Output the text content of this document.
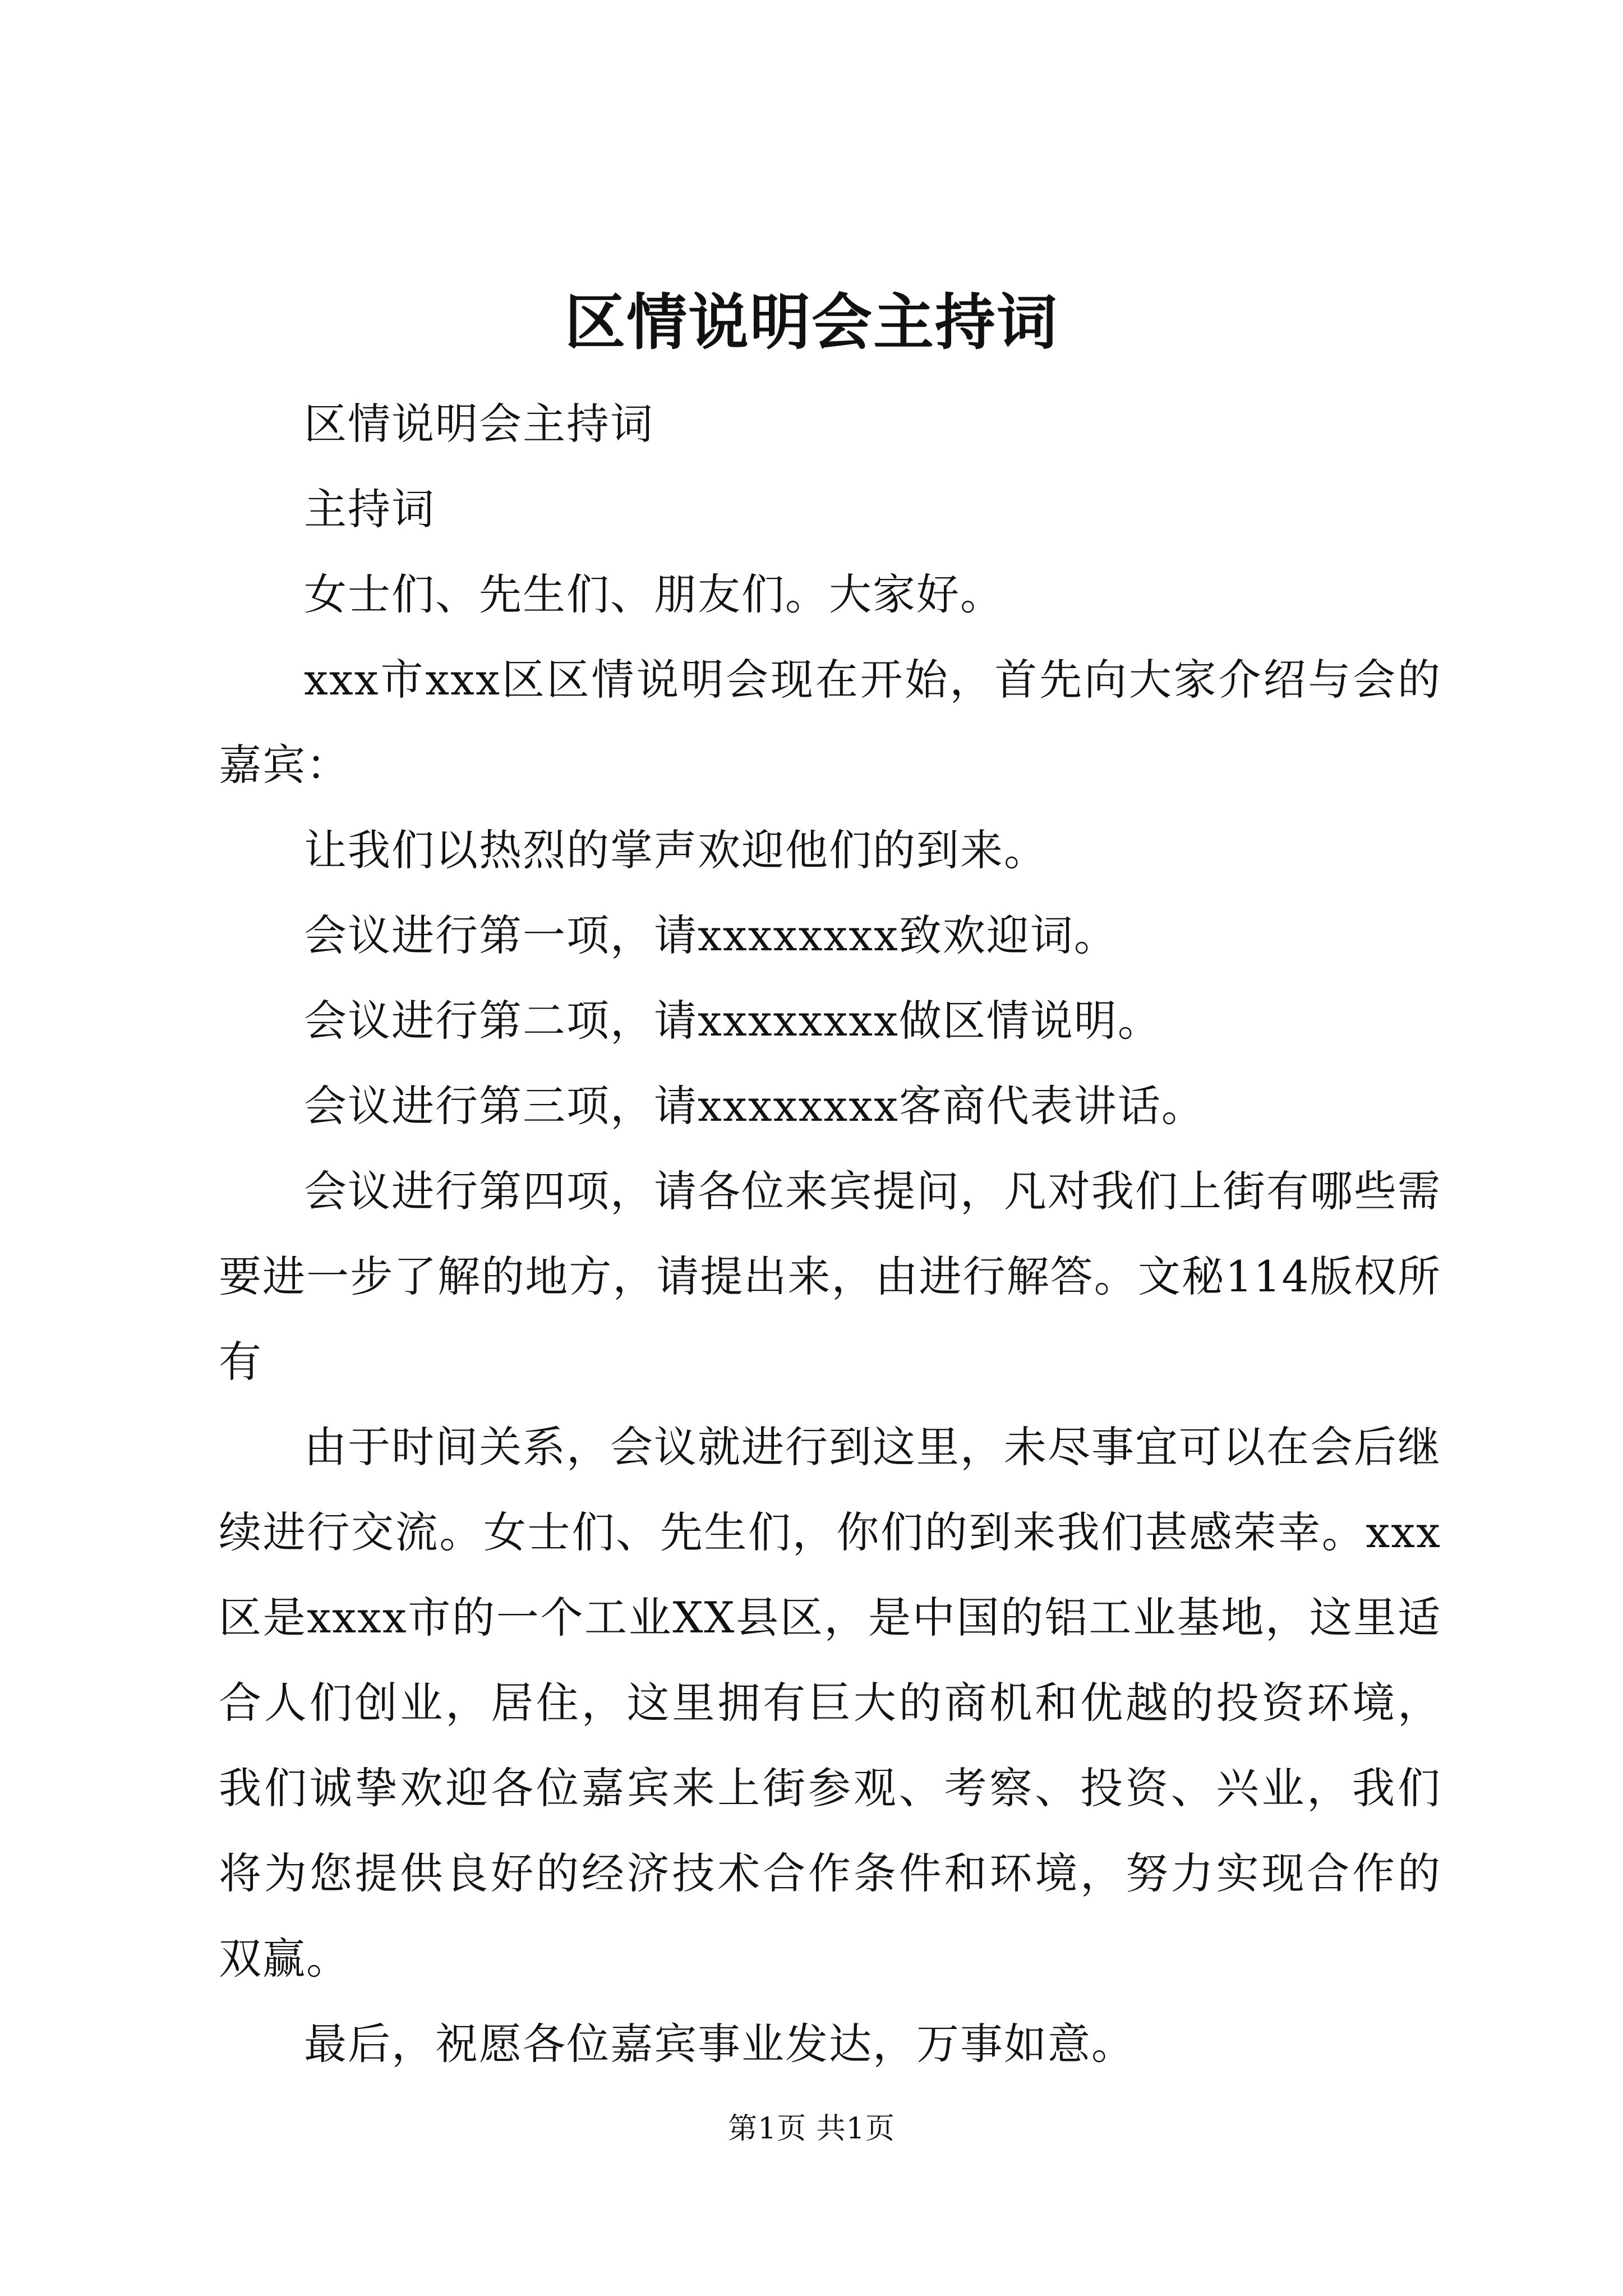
区情说明会主持词

区情说明会主持词

主持词

女士们、先生们、朋友们。大家好。

xxx市xxx区区情说明会现在开始，首先向大家介绍与会的嘉宾：

让我们以热烈的掌声欢迎他们的到来。

会议进行第一项，请xxxxxxxx致欢迎词。

会议进行第二项，请xxxxxxxx做区情说明。

会议进行第三项，请xxxxxxxx客商代表讲话。

会议进行第四项，请各位来宾提问，凡对我们上街有哪些需要进一步了解的地方，请提出来，由进行解答。文秘114版权所有

由于时间关系，会议就进行到这里，未尽事宜可以在会后继续进行交流。女士们、先生们，你们的到来我们甚感荣幸。xxx区是xxxx市的一个工业XX县区，是中国的铝工业基地，这里适合人们创业，居住，这里拥有巨大的商机和优越的投资环境，我们诚挚欢迎各位嘉宾来上街参观、考察、投资、兴业，我们将为您提供良好的经济技术合作条件和环境，努力实现合作的双赢。

最后，祝愿各位嘉宾事业发达，万事如意。

第1页 共1页
